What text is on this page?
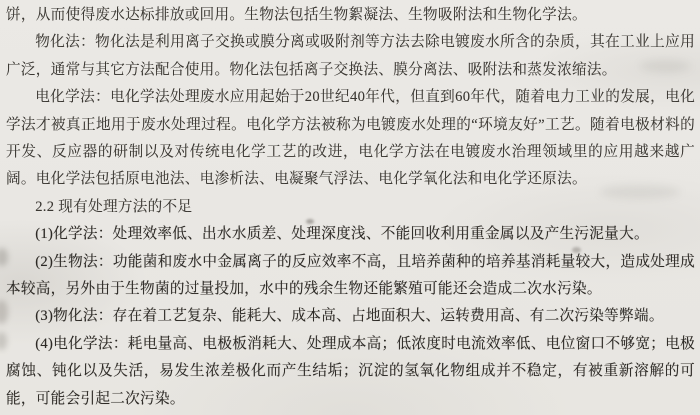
饼，从而使得废水达标排放或回用。生物法包括生物絮凝法、生物吸附法和生物化学法。

物化法：物化法是利用离子交换或膜分离或吸附剂等方法去除电镀废水所含的杂质，其在工业上应用广泛，通常与其它方法配合使用。物化法包括离子交换法、膜分离法、吸附法和蒸发浓缩法。

电化学法：电化学法处理废水应用起始于20世纪40年代，但直到60年代，随着电力工业的发展，电化学法才被真正地用于废水处理过程。电化学方法被称为电镀废水处理的“环境友好”工艺。随着电极材料的开发、反应器的研制以及对传统电化学工艺的改进，电化学方法在电镀废水治理领域里的应用越来越广阔。电化学法包括原电池法、电渗析法、电凝聚气浮法、电化学氧化法和电化学还原法。

2.2 现有处理方法的不足

(1)化学法：处理效率低、出水水质差、处理深度浅、不能回收利用重金属以及产生污泥量大。

(2)生物法：功能菌和废水中金属离子的反应效率不高，且培养菌种的培养基消耗量较大，造成处理成本较高，另外由于生物菌的过量投加，水中的残余生物还能繁殖可能还会造成二次水污染。

(3)物化法：存在着工艺复杂、能耗大、成本高、占地面积大、运转费用高、有二次污染等弊端。

(4)电化学法：耗电量高、电极板消耗大、处理成本高；低浓度时电流效率低、电位窗口不够宽；电极腐蚀、钝化以及失活，易发生浓差极化而产生结垢；沉淀的氢氧化物组成并不稳定，有被重新溶解的可能，可能会引起二次污染。
